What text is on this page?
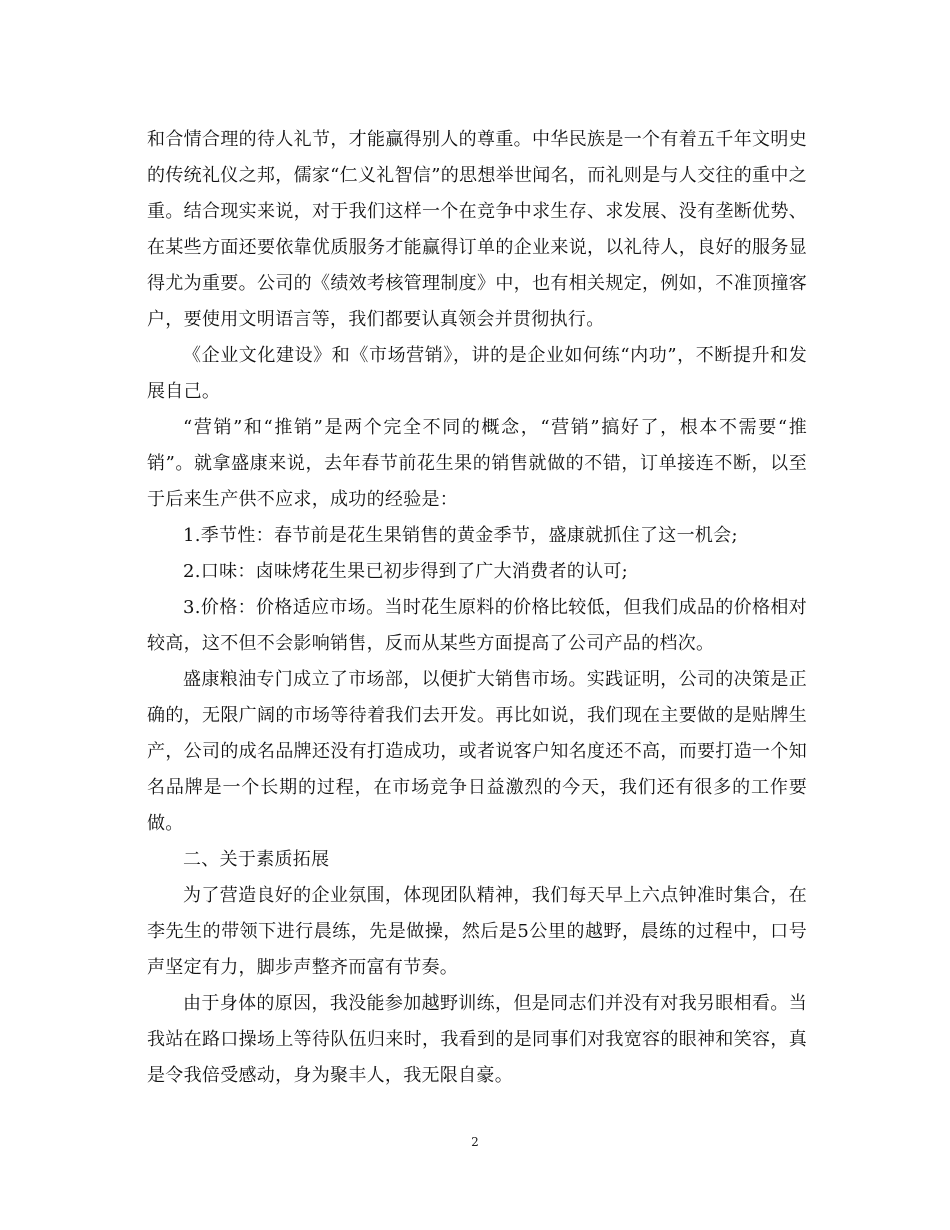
和合情合理的待人礼节，才能赢得别人的尊重。中华民族是一个有着五千年文明史的传统礼仪之邦，儒家“仁义礼智信”的思想举世闻名，而礼则是与人交往的重中之重。结合现实来说，对于我们这样一个在竞争中求生存、求发展、没有垄断优势、在某些方面还要依靠优质服务才能赢得订单的企业来说，以礼待人，良好的服务显得尤为重要。公司的《绩效考核管理制度》中，也有相关规定，例如，不准顶撞客户，要使用文明语言等，我们都要认真领会并贯彻执行。

《企业文化建设》和《市场营销》，讲的是企业如何练“内功”，不断提升和发展自己。

“营销”和“推销”是两个完全不同的概念，“营销”搞好了，根本不需要“推销”。就拿盛康来说，去年春节前花生果的销售就做的不错，订单接连不断，以至于后来生产供不应求，成功的经验是：

1.季节性：春节前是花生果销售的黄金季节，盛康就抓住了这一机会;

2.口味：卤味烤花生果已初步得到了广大消费者的认可;

3.价格：价格适应市场。当时花生原料的价格比较低，但我们成品的价格相对较高，这不但不会影响销售，反而从某些方面提高了公司产品的档次。

盛康粮油专门成立了市场部，以便扩大销售市场。实践证明，公司的决策是正确的，无限广阔的市场等待着我们去开发。再比如说，我们现在主要做的是贴牌生产，公司的成名品牌还没有打造成功，或者说客户知名度还不高，而要打造一个知名品牌是一个长期的过程，在市场竞争日益激烈的今天，我们还有很多的工作要做。

二、关于素质拓展

为了营造良好的企业氛围，体现团队精神，我们每天早上六点钟准时集合，在李先生的带领下进行晨练，先是做操，然后是5公里的越野，晨练的过程中，口号声坚定有力，脚步声整齐而富有节奏。

由于身体的原因，我没能参加越野训练，但是同志们并没有对我另眼相看。当我站在路口操场上等待队伍归来时，我看到的是同事们对我宽容的眼神和笑容，真是令我倍受感动，身为聚丰人，我无限自豪。

2
